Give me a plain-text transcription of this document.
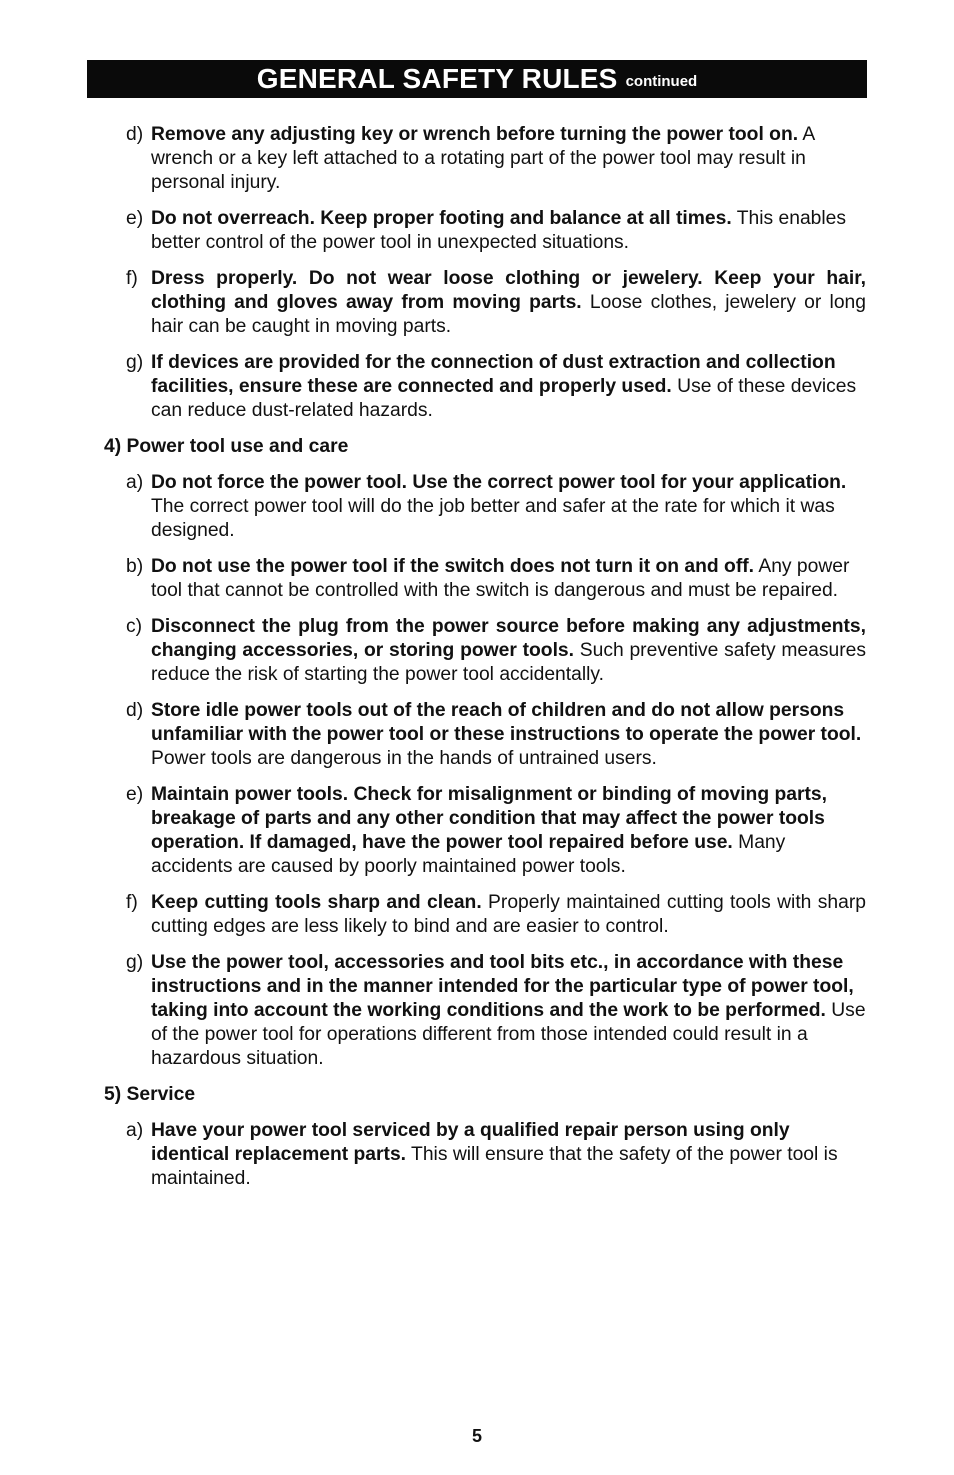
GENERAL SAFETY RULES continued
d) Remove any adjusting key or wrench before turning the power tool on. A wrench or a key left attached to a rotating part of the power tool may result in personal injury.
e) Do not overreach. Keep proper footing and balance at all times. This enables better control of the power tool in unexpected situations.
f) Dress properly. Do not wear loose clothing or jewelery. Keep your hair, clothing and gloves away from moving parts. Loose clothes, jewelery or long hair can be caught in moving parts.
g) If devices are provided for the connection of dust extraction and collection facilities, ensure these are connected and properly used. Use of these devices can reduce dust-related hazards.
4) Power tool use and care
a) Do not force the power tool. Use the correct power tool for your application. The correct power tool will do the job better and safer at the rate for which it was designed.
b) Do not use the power tool if the switch does not turn it on and off. Any power tool that cannot be controlled with the switch is dangerous and must be repaired.
c) Disconnect the plug from the power source before making any adjustments, changing accessories, or storing power tools. Such preventive safety measures reduce the risk of starting the power tool accidentally.
d) Store idle power tools out of the reach of children and do not allow persons unfamiliar with the power tool or these instructions to operate the power tool. Power tools are dangerous in the hands of untrained users.
e) Maintain power tools. Check for misalignment or binding of moving parts, breakage of parts and any other condition that may affect the power tools operation. If damaged, have the power tool repaired before use. Many accidents are caused by poorly maintained power tools.
f) Keep cutting tools sharp and clean. Properly maintained cutting tools with sharp cutting edges are less likely to bind and are easier to control.
g) Use the power tool, accessories and tool bits etc., in accordance with these instructions and in the manner intended for the particular type of power tool, taking into account the working conditions and the work to be performed. Use of the power tool for operations different from those intended could result in a hazardous situation.
5) Service
a) Have your power tool serviced by a qualified repair person using only identical replacement parts. This will ensure that the safety of the power tool is maintained.
5
